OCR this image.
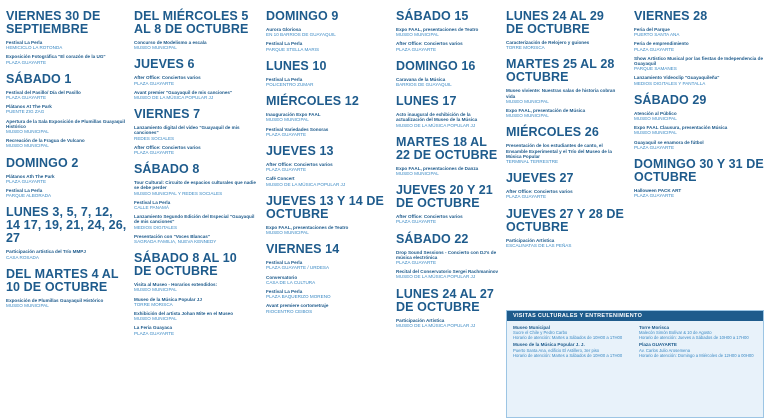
VIERNES 30 DE SEPTIEMBRE
Festival La Perla
HEMICICLO LA ROTONDA
Exposición Fotográfica "El corazón de la UG"
PLAZA GUAYARTE
SÁBADO 1
Festival del Pasillo/ Día del Pasillo
PLAZA GUAYARTE
Plátanos At The Park
PUENTE ZIG ZAG
Apertura de la Sala Exposición de Plumillas Guayaquil Histórico
MUSEO MUNICIPAL
Recreación de la Fragua de Vulcano
MUSEO MUNICIPAL
DOMINGO 2
Plátanos Ath The Park
PLAZA GUAYARTE
Festival La Perla
PARQUE ALBORADA
LUNES 3, 5, 7, 12, 14 17, 19, 21, 24, 26, 27
Participación artística del Trío MMPJ
CASA ROSADA
DEL MARTES 4 AL 10 DE OCTUBRE
Exposición de Plumillas Guayaquil Histórico
MUSEO MUNICIPAL
DEL MIÉRCOLES 5 AL 8 DE OCTUBRE
Concurso de Modelismo a escala
MUSEO MUNICIPAL
JUEVES 6
After Office: Conciertos varios
PLAZA GUAYARTE
Avant premier "Guayaquil de mis canciones"
MUSEO DE LA MÚSICA POPULAR JJ
VIERNES 7
Lanzamiento digital del video "Guayaquil de mis canciones"
REDES SOCIALES
After Office: Conciertos varios
PLAZA GUAYARTE
SÁBADO 8
Tour Cultural: Circuito de espacios culturales que nadie se debe perder
MUSEO MUNICIPAL Y REDES SOCIALES
Festival La Perla
CALLE PANAMÁ
Lanzamiento Segundo Edición del Especial "Guayaquil de mis canciones"
MEDIOS DIGITALES
Presentación con "Voces Blancas"
SAGRADA FAMILIA, NUEVA KENNEDY
SÁBADO 8 AL 10 DE OCTUBRE
Visita al Museo - Horarios extendidos:
MUSEO MUNICIPAL
Museo de la Música Popular JJ
TORRE MORISCA
Exhibición del artista Johan Mite en el Museo
MUSEO MUNICIPAL
La Feria Guayaca
PLAZA GUAYARTE
DOMINGO 9
Aurora Gloriosa
EN 10 BARRIOS DE GUAYAQUIL
Festival La Perla
PARQUE STELLA MARIS
LUNES 10
Festival La Perla
POLICENTRO ZUMAR
MIÉRCOLES 12
Inauguración Expo FAAL
MUSEO MUNICIPAL
Festival Variedades Sonoras
PLAZA GUAYARTE
JUEVES 13
After Office: Conciertos varios
PLAZA GUAYARTE
Café Concert
MUSEO DE LA MÚSICA POPULAR JJ
JUEVES 13 Y 14 DE OCTUBRE
Expo FAAL, presentaciones de Teatro
MUSEO MUNICIPAL
VIERNES 14
Festival La Perla
PLAZA GUAYARTE / URDESA
Conversatorio
CASA DE LA CULTURA
Festival La Perla
PLAZA BAQUERIZO MORENO
Avant premiere cortometraje
RIOCENTRO CEIBOS
SÁBADO 15
Expo FAAL, presentaciones de Teatro
MUSEO MUNICIPAL
After Office: Conciertos varios
PLAZA GUAYARTE
DOMINGO 16
Caravana de la Música
BARRIOS DE GUAYAQUIL
LUNES 17
Acto inaugural de exhibición de la actualización del Museo de la Música
MUSEO DE LA MÚSICA POPULAR JJ
MARTES 18 AL 22 DE OCTUBRE
Expo FAAL, presentaciones de Danza
MUSEO MUNICIPAL
JUEVES 20 Y 21 DE OCTUBRE
After Office: Conciertos varios
PLAZA GUAYARTE
SÁBADO 22
Drop Sound Sessions - Concierto con DJ's de música electrónica
PLAZA GUAYARTE
Recital del Conservatorio Sergei Rachmaninov
MUSEO DE LA MÚSICA POPULAR JJ
LUNES 24 AL 27 DE OCTUBRE
Participación Artística
MUSEO DE LA MÚSICA POPULAR JJ
LUNES 24 AL 29 DE OCTUBRE
Caracterización de Relojero y guiones
TORRE MORISCA
MARTES 25 AL 28 OCTUBRE
Museo viviente: Nuestras salas de historia cobran vida
MUSEO MUNICIPAL
Expo FAAL, presentación de Música
MUSEO MUNICIPAL
MIÉRCOLES 26
Presentación de los estudiantes de canto, el Ensamble Experimental y el Trío del Museo de la Música Popular
TERMINAL TERRESTRE
JUEVES 27
After Office: Conciertos varios
PLAZA GUAYARTE
JUEVES 27 Y 28 DE OCTUBRE
Participación Artística
ESCALINATAS DE LAS PEÑAS
VIERNES 28
Feria del Parque
PUERTO SANTA ANA
Feria de emprendimiento
PLAZA GUAYARTE
Show Artístico Musical por las fiestas de Independencia de Guayaquil
PARQUE SAMANES
Lanzamiento Videoclip "Guayaquileña"
MEDIOS DIGITALES Y PANTALLA
SÁBADO 29
Atención al Público
MUSEO MUNICIPAL
Expo FAAL Clausura, presentación Música
MUSEO MUNICIPAL
Guayaquil se enamora de fútbol
PLAZA GUAYARTE
DOMINGO 30 Y 31 DE OCTUBRE
Halloween PACK ART
PLAZA GUAYARTE
VISITAS CULTURALES Y ENTRETENIMIENTO
Museo Municipal
Sucre el Chile y Pedro Carbo
Horario de atención: Martes a Sábados de 10H00 a 17H00
Torre Morisca
Malecón Simón Bolívar & 10 de Agosto
Horario de atención: Jueves a Sábados de 10H00 a 17H00
Museo de la Música Popular J. J.
Puerto Santa Ana, edificio El Astillero, 3er piso
Horario de atención: Martes a Sábados de 10H00 a 17H00
Plaza GUAYARTE
Av. Carlos Julio Arosemena
Horario de atención: Domingo a Miércoles de 12H00 a 00H00
